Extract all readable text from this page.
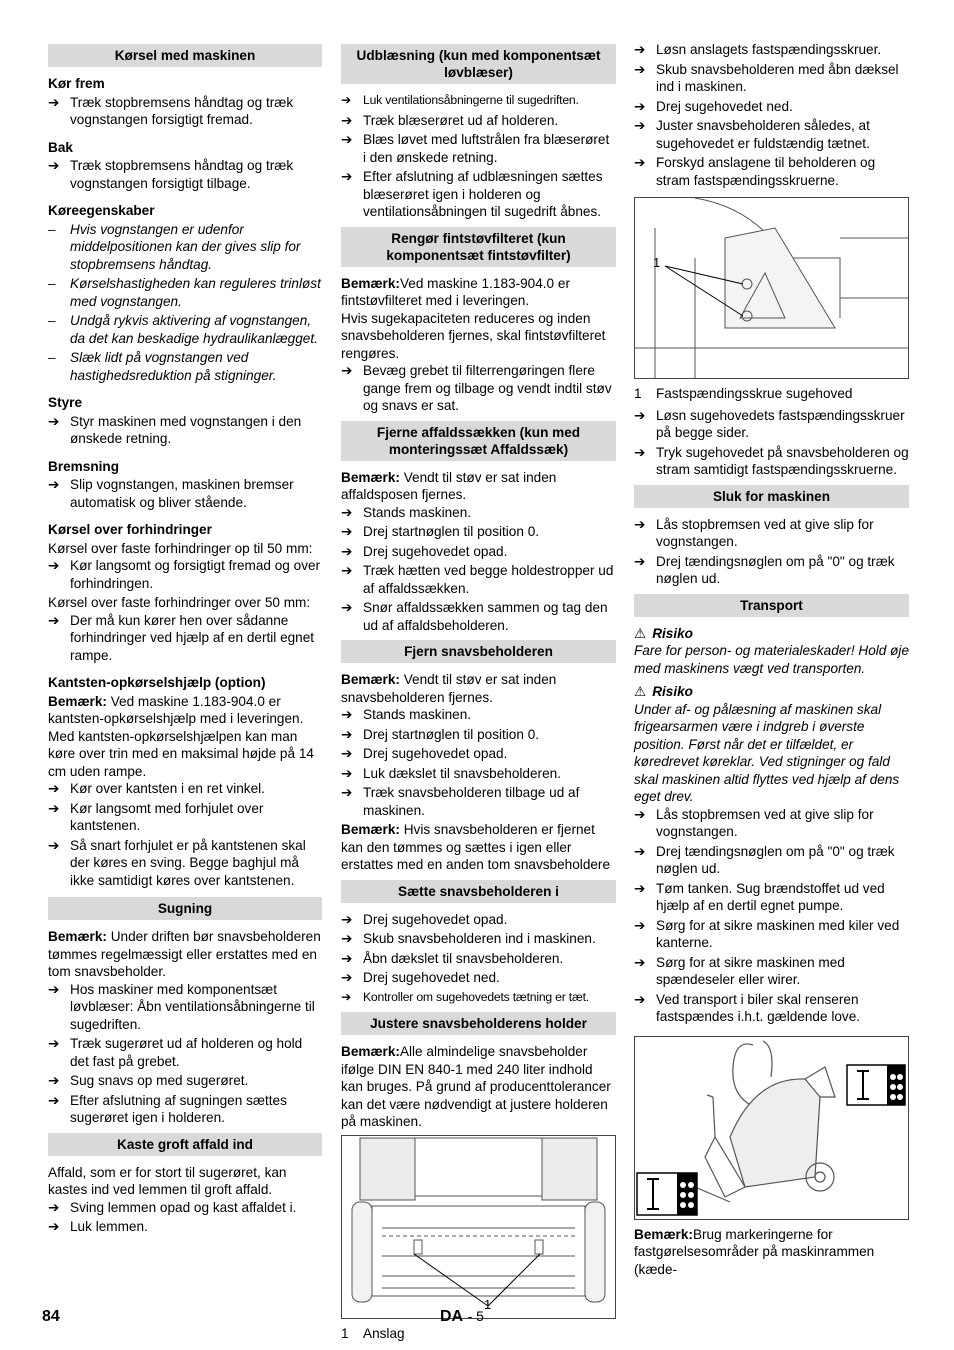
Kørsel med maskinen
Kør frem
➔ Træk stopbremsens håndtag og træk vognstangen forsigtigt fremad.
Bak
➔ Træk stopbremsens håndtag og træk vognstangen forsigtigt tilbage.
Køreegenskaber
– Hvis vognstangen er udenfor middelpositionen kan der gives slip for stopbremsens håndtag.
– Kørselshastigheden kan reguleres trinløst med vognstangen.
– Undgå rykvis aktivering af vognstangen, da det kan beskadige hydraulikanlægget.
– Slæk lidt på vognstangen ved hastighedsreduktion på stigninger.
Styre
➔ Styr maskinen med vognstangen i den ønskede retning.
Bremsning
➔ Slip vognstangen, maskinen bremser automatisk og bliver stående.
Kørsel over forhindringer

Kørsel over faste forhindringer op til 50 mm:

➔ Kør langsomt og forsigtigt fremad og over forhindringen.

Kørsel over faste forhindringer over 50 mm:

➔ Der må kun kører hen over sådanne forhindringer ved hjælp af en dertil egnet rampe.
Kantsten-opkørselshjælp (option)

Bemærk: Ved maskine 1.183-904.0 er kantsten-opkørselshjælp med i leveringen. Med kantsten-opkørselshjælpen kan man køre over trin med en maksimal højde på 14 cm uden rampe.

➔ Kør over kantsten i en ret vinkel.
➔ Kør langsomt med forhjulet over kantstenen.
➔ Så snart forhjulet er på kantstenen skal der køres en sving. Begge baghjul må ikke samtidigt køres over kantstenen.
Sugning

Bemærk: Under driften bør snavsbeholderen tømmes regelmæssigt eller erstattes med en tom snavsbeholder.

➔ Hos maskiner med komponentsæt løvblæser: Åbn ventilationsåbningerne til sugedriften.
➔ Træk sugerøret ud af holderen og hold det fast på grebet.
➔ Sug snavs op med sugerøret.
➔ Efter afslutning af sugningen sættes sugerøret igen i holderen.
Kaste groft affald ind

Affald, som er for stort til sugerøret, kan kastes ind ved lemmen til groft affald.

➔ Sving lemmen opad og kast affaldet i.
➔ Luk lemmen.
Udblæsning (kun med komponentsæt løvblæser)
➔ Luk ventilationsåbningerne til sugedriften.
➔ Træk blæserøret ud af holderen.
➔ Blæs løvet med luftstrålen fra blæserøret i den ønskede retning.
➔ Efter afslutning af udblæsningen sættes blæserøret igen i holderen og ventilationsåbningen til sugedrift åbnes.
Rengør fintstøvfilteret (kun komponentsæt fintstøvfilter)

Bemærk:Ved maskine 1.183-904.0 er fintstøvfilteret med i leveringen.

Hvis sugekapaciteten reduceres og inden snavsbeholderen fjernes, skal fintstøvfilteret rengøres.

➔ Bevæg grebet til filterrengøringen flere gange frem og tilbage og vendt indtil støv og snavs er sat.
Fjerne affaldssækken (kun med monteringssæt Affaldssæk)

Bemærk: Vendt til støv er sat inden affaldsposen fjernes.

➔ Stands maskinen.
➔ Drej startnøglen til position 0.
➔ Drej sugehovedet opad.
➔ Træk hætten ved begge holdestropper ud af affaldssækken.
➔ Snør affaldssækken sammen og tag den ud af affaldsbeholderen.
Fjern snavsbeholderen

Bemærk: Vendt til støv er sat inden snavsbeholderen fjernes.

➔ Stands maskinen.
➔ Drej startnøglen til position 0.
➔ Drej sugehovedet opad.
➔ Luk dækslet til snavsbeholderen.
➔ Træk snavsbeholderen tilbage ud af maskinen.

Bemærk: Hvis snavsbeholderen er fjernet kan den tømmes og sættes i igen eller erstattes med en anden tom snavsbeholdere

Sætte snavsbeholderen i
➔ Drej sugehovedet opad.
➔ Skub snavsbeholderen ind i maskinen.
➔ Åbn dækslet til snavsbeholderen.
➔ Drej sugehovedet ned.
➔ Kontroller om sugehovedets tætning er tæt.
Justere snavsbeholderens holder

Bemærk:Alle almindelige snavsbeholder ifølge DIN EN 840-1 med 240 liter indhold kan bruges. På grund af producenttolerancer kan det være nødvendigt at justere holderen på maskinen.

1

1 Anslag

➔ Løsn anslagets fastspændingsskruer.
➔ Skub snavsbeholderen med åbn dæksel ind i maskinen.
➔ Drej sugehovedet ned.
➔ Juster snavsbeholderen således, at sugehovedet er fuldstændig tætnet.
➔ Forskyd anslagene til beholderen og stram fastspændingsskruerne.
1

1 Fastspændingsskrue sugehoved

➔ Løsn sugehovedets fastspændingsskruer på begge sider.
➔ Tryk sugehovedet på snavsbeholderen og stram samtidigt fastspændingsskruerne.
Sluk for maskinen
➔ Lås stopbremsen ved at give slip for vognstangen.
➔ Drej tændingsnøglen om på "0" og træk nøglen ud.
Transport

⚠ Risiko

Fare for person- og materialeskader! Hold øje med maskinens vægt ved transporten.

⚠ Risiko

Under af- og pålæsning af maskinen skal frigearsarmen være i indgreb i øverste position. Først når det er tilfældet, er køredrevet køreklar. Ved stigninger og fald skal maskinen altid flyttes ved hjælp af dens eget drev.

➔ Lås stopbremsen ved at give slip for vognstangen.
➔ Drej tændingsnøglen om på "0" og træk nøglen ud.
➔ Tøm tanken. Sug brændstoffet ud ved hjælp af en dertil egnet pumpe.
➔ Sørg for at sikre maskinen med kiler ved kanterne.
➔ Sørg for at sikre maskinen med spændeseler eller wirer.
➔ Ved transport i biler skal renseren fastspændes i.h.t. gældende love.

Bemærk:Brug markeringerne for fastgørelsesområder på maskinrammen (kæde-

84	DA - 5
